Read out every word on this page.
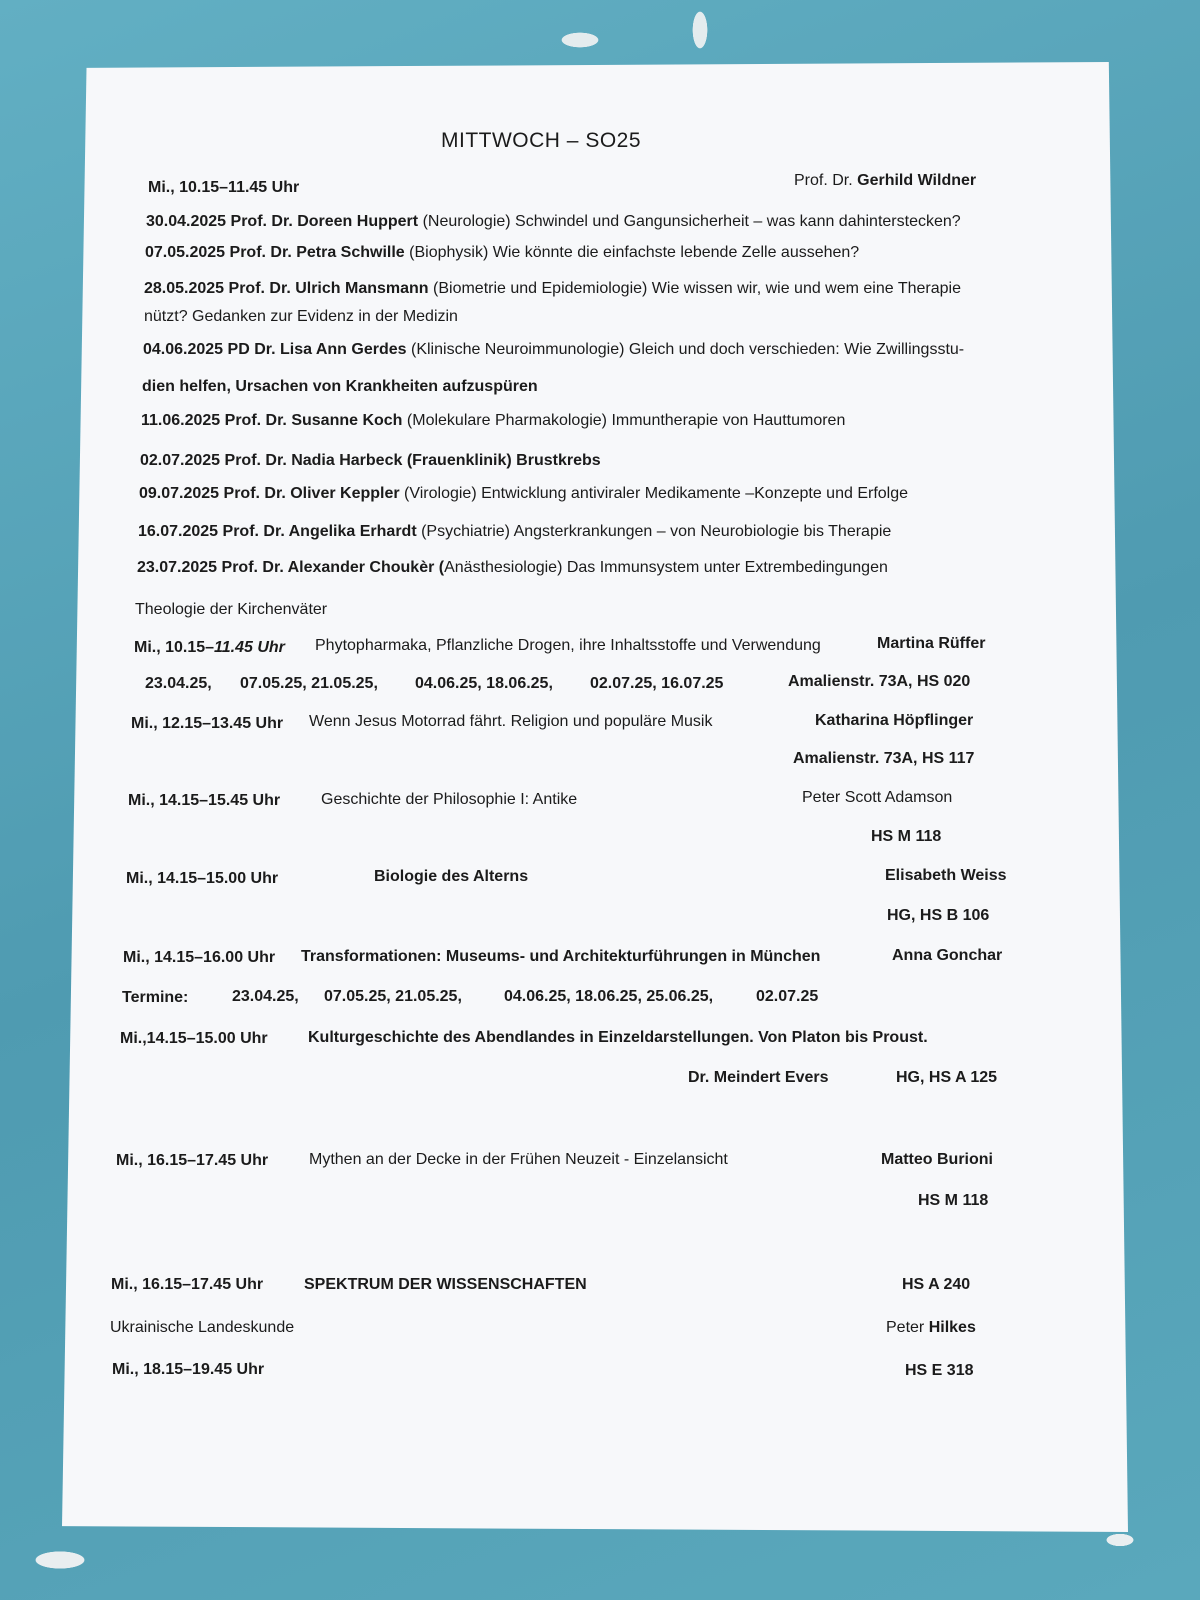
MITTWOCH – SO25
Mi., 10.15–11.45 Uhr	Prof. Dr. Gerhild Wildner
30.04.2025 Prof. Dr. Doreen Huppert (Neurologie) Schwindel und Gangunsicherheit – was kann dahinterstecken?
07.05.2025 Prof. Dr. Petra Schwille (Biophysik) Wie könnte die einfachste lebende Zelle aussehen?
28.05.2025 Prof. Dr. Ulrich Mansmann (Biometrie und Epidemiologie) Wie wissen wir, wie und wem eine Therapie
nützt? Gedanken zur Evidenz in der Medizin
04.06.2025 PD Dr. Lisa Ann Gerdes (Klinische Neuroimmunologie) Gleich und doch verschieden: Wie Zwillingsstu-
dien helfen, Ursachen von Krankheiten aufzuspüren
11.06.2025 Prof. Dr. Susanne Koch (Molekulare Pharmakologie) Immuntherapie von Hauttumoren
02.07.2025 Prof. Dr. Nadia Harbeck (Frauenklinik) Brustkrebs
09.07.2025 Prof. Dr. Oliver Keppler (Virologie) Entwicklung antiviraler Medikamente –Konzepte und Erfolge
16.07.2025 Prof. Dr. Angelika Erhardt (Psychiatrie) Angsterkrankungen – von Neurobiologie bis Therapie
23.07.2025 Prof. Dr. Alexander Choukèr (Anästhesiologie) Das Immunsystem unter Extrembedingungen
Theologie der Kirchenväter
Mi., 10.15–11.45 Uhr Phytopharmaka, Pflanzliche Drogen, ihre Inhaltsstoffe und Verwendung	Martina Rüffer
23.04.25, 07.05.25, 21.05.25, 04.06.25, 18.06.25, 02.07.25, 16.07.25	Amalienstr. 73A, HS 020
Mi., 12.15–13.45 Uhr Wenn Jesus Motorrad fährt. Religion und populäre Musik	Katharina Höpflinger
Amalienstr. 73A, HS 117
Mi., 14.15–15.45 Uhr	Geschichte der Philosophie I: Antike	Peter Scott Adamson
HS M 118
Mi., 14.15–15.00 Uhr	Biologie des Alterns	Elisabeth Weiss
HG, HS B 106
Mi., 14.15–16.00 Uhr Transformationen: Museums- und Architekturführungen in München	Anna Gonchar
Termine:	23.04.25, 07.05.25, 21.05.25,	04.06.25, 18.06.25, 25.06.25,	02.07.25
Mi.,14.15–15.00 Uhr	Kulturgeschichte des Abendlandes in Einzeldarstellungen. Von Platon bis Proust.
Dr. Meindert Evers	HG, HS A 125
Mi., 16.15–17.45 Uhr	Mythen an der Decke in der Frühen Neuzeit - Einzelansicht	Matteo Burioni
HS M 118
Mi., 16.15–17.45 Uhr	SPEKTRUM DER WISSENSCHAFTEN	HS A 240
Ukrainische Landeskunde	Peter Hilkes
Mi., 18.15–19.45 Uhr	HS E 318
